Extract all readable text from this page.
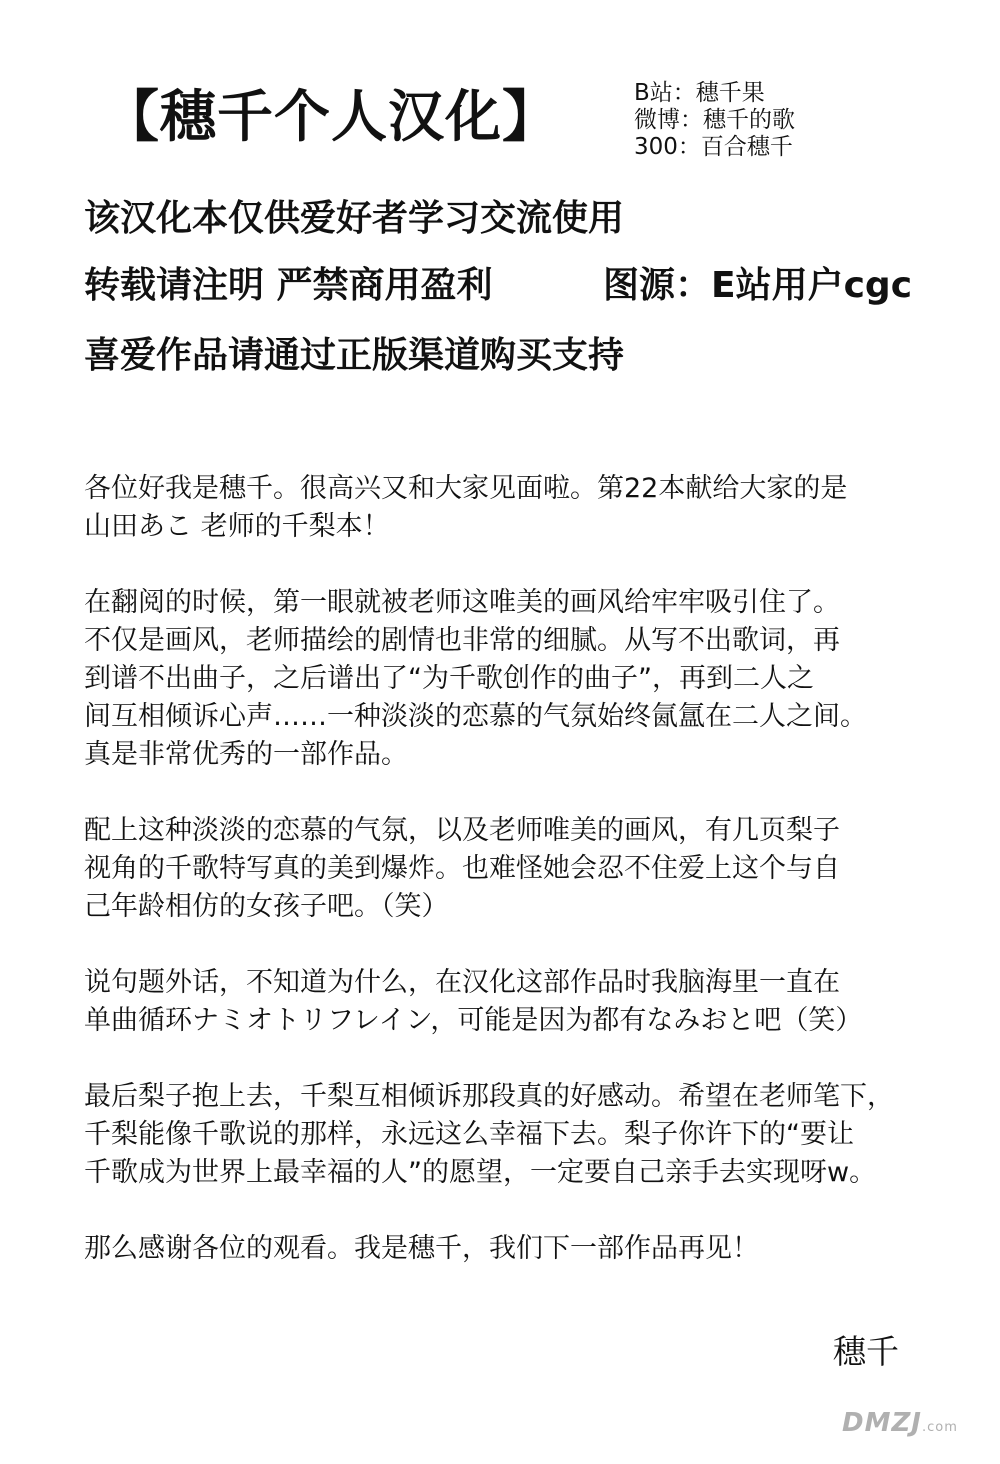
【穗千个人汉化】	B站：穗千果
微博：穗千的歌
300：百合穗千
该汉化本仅供爱好者学习交流使用
转载请注明 严禁商用盈利	图源：E站用户cgc
喜爱作品请通过正版渠道购买支持

各位好我是穗千。很高兴又和大家见面啦。第22本献给大家的是
山田あこ 老师的千梨本！

在翻阅的时候，第一眼就被老师这唯美的画风给牢牢吸引住了。
不仅是画风，老师描绘的剧情也非常的细腻。从写不出歌词，再
到谱不出曲子，之后谱出了“为千歌创作的曲子”，再到二人之
间互相倾诉心声……一种淡淡的恋慕的气氛始终氤氲在二人之间。
真是非常优秀的一部作品。

配上这种淡淡的恋慕的气氛，以及老师唯美的画风，有几页梨子
视角的千歌特写真的美到爆炸。也难怪她会忍不住爱上这个与自
己年龄相仿的女孩子吧。（笑）

说句题外话，不知道为什么，在汉化这部作品时我脑海里一直在
单曲循环ナミオトリフレイン，可能是因为都有なみおと吧（笑）

最后梨子抱上去，千梨互相倾诉那段真的好感动。希望在老师笔下，
千梨能像千歌说的那样，永远这么幸福下去。梨子你许下的“要让
千歌成为世界上最幸福的人”的愿望，一定要自己亲手去实现呀w。

那么感谢各位的观看。我是穗千，我们下一部作品再见！

穗千
DMZJ.com
